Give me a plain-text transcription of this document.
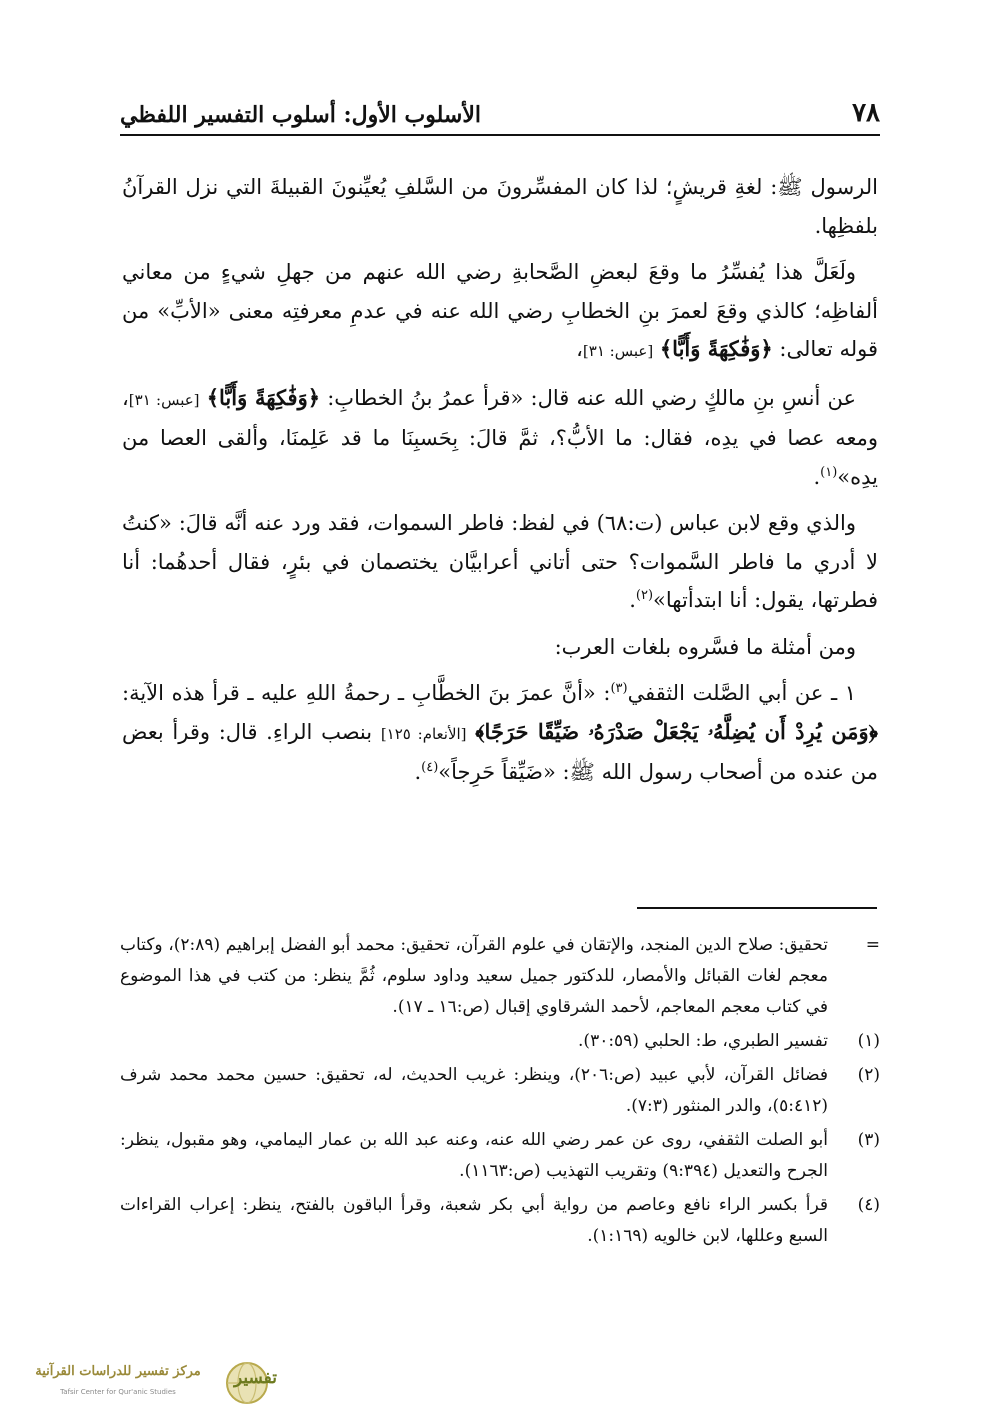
٧٨
الأسلوب الأول: أسلوب التفسير اللفظي

الرسول ﷺ: لغةِ قريشٍ؛ لذا كان المفسِّرونَ من السَّلفِ يُعيِّنونَ القبيلةَ التي نزل القرآنُ بلفظِها.

ولَعَلَّ هذا يُفسِّرُ ما وقعَ لبعضِ الصَّحابةِ رضي الله عنهم من جهلِ شيءٍ من معاني ألفاظِه؛ كالذي وقعَ لعمرَ بنِ الخطابِ رضي الله عنه في عدمِ معرفتِه معنى «الأبِّ» من قوله تعالى: ﴿وَفَٰكِهَةً وَأَبًّا﴾ [عبس: ٣١]،

عن أنسِ بنِ مالكٍ رضي الله عنه قال: «قرأ عمرُ بنُ الخطابِ: ﴿وَفَٰكِهَةً وَأَبًّا﴾ [عبس: ٣١]، ومعه عصا في يدِه، فقال: ما الأبُّ؟، ثمَّ قالَ: بِحَسبِنَا ما قد عَلِمنَا، وألقى العصا من يدِه»$^{(١)}$.

والذي وقع لابن عباس (ت:٦٨) في لفظ: فاطر السموات، فقد ورد عنه أنَّه قالَ: «كنتُ لا أدري ما فاطر السَّموات؟ حتى أتاني أعرابيَّان يختصمان في بئرٍ، فقال أحدهُما: أنا فطرتها، يقول: أنا ابتدأتها»$^{(٢)}$.

ومن أمثلة ما فسَّروه بلغات العرب:

١ ـ عن أبي الصَّلت الثقفي$^{(٣)}$: «أنَّ عمرَ بنَ الخطَّابِ ـ رحمةُ اللهِ عليه ـ قرأ هذه الآية: ﴿وَمَن يُرِدْ أَن يُضِلَّهُۥ يَجْعَلْ صَدْرَهُۥ ضَيِّقًا حَرَجًا﴾ [الأنعام: ١٢٥] بنصب الراءِ. قال: وقرأ بعض من عنده من أصحاب رسول الله ﷺ: «ضَيِّقاً حَرِجاً»$^{(٤)}$.

=
تحقيق: صلاح الدين المنجد، والإتقان في علوم القرآن، تحقيق: محمد أبو الفضل إبراهيم (٢:٨٩)، وكتاب معجم لغات القبائل والأمصار، للدكتور جميل سعيد وداود سلوم، ثُمَّ ينظر: من كتب في هذا الموضوع في كتاب معجم المعاجم، لأحمد الشرقاوي إقبال (ص:١٦ ـ ١٧).
(١)
تفسير الطبري، ط: الحلبي (٣٠:٥٩).
(٢)
فضائل القرآن، لأبي عبيد (ص:٢٠٦)، وينظر: غريب الحديث، له، تحقيق: حسين محمد محمد شرف (٥:٤١٢)، والدر المنثور (٧:٣).
(٣)
أبو الصلت الثقفي، روى عن عمر رضي الله عنه، وعنه عبد الله بن عمار اليمامي، وهو مقبول، ينظر: الجرح والتعديل (٩:٣٩٤) وتقريب التهذيب (ص:١١٦٣).
(٤)
قرأ بكسر الراء نافع وعاصم من رواية أبي بكر شعبة، وقرأ الباقون بالفتح، ينظر: إعراب القراءات السبع وعللها، لابن خالويه (١:١٦٩).
مركز تفسير للدراسات القرآنية
Tafsir Center for Qur'anic Studies
تفسير
